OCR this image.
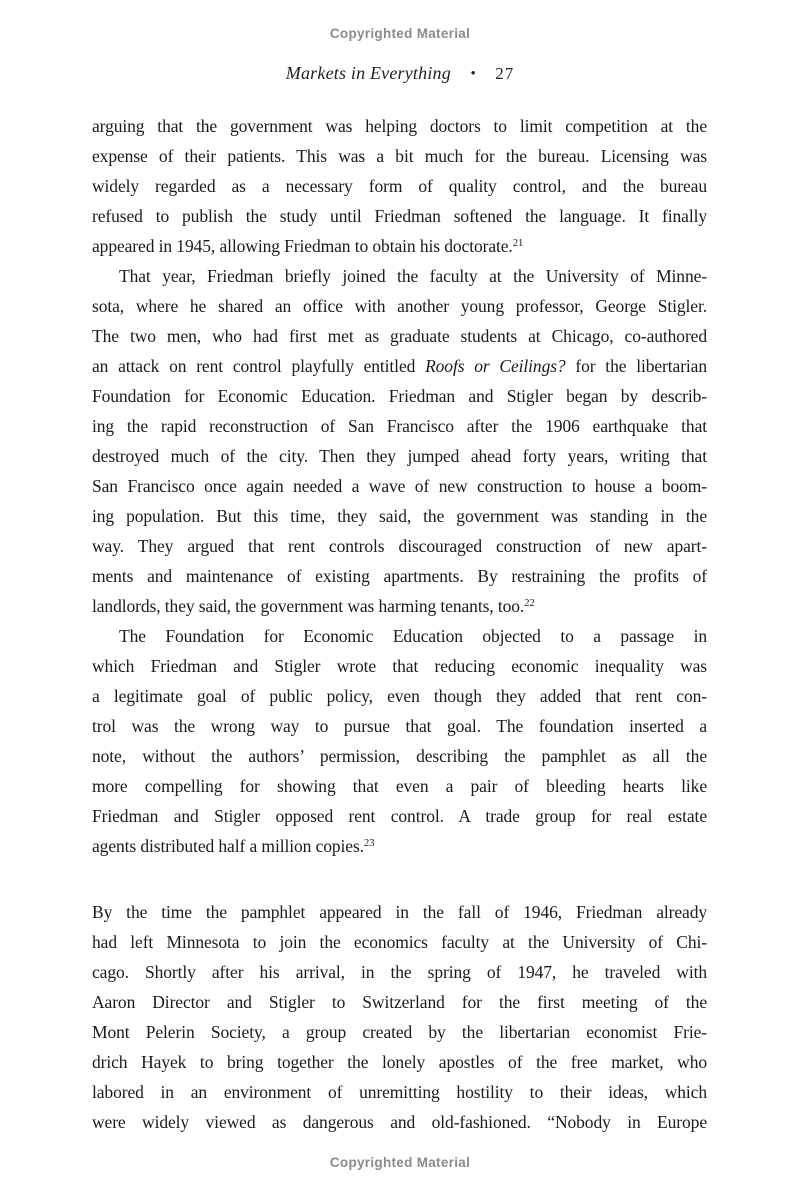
Copyrighted Material
Markets in Everything • 27
arguing that the government was helping doctors to limit competition at the
expense of their patients. This was a bit much for the bureau. Licensing was
widely regarded as a necessary form of quality control, and the bureau
refused to publish the study until Friedman softened the language. It finally
appeared in 1945, allowing Friedman to obtain his doctorate.$^{21}$
That year, Friedman briefly joined the faculty at the University of Minne-
sota, where he shared an office with another young professor, George Stigler.
The two men, who had first met as graduate students at Chicago, co-authored
an attack on rent control playfully entitled Roofs or Ceilings? for the libertarian
Foundation for Economic Education. Friedman and Stigler began by describ-
ing the rapid reconstruction of San Francisco after the 1906 earthquake that
destroyed much of the city. Then they jumped ahead forty years, writing that
San Francisco once again needed a wave of new construction to house a boom-
ing population. But this time, they said, the government was standing in the
way. They argued that rent controls discouraged construction of new apart-
ments and maintenance of existing apartments. By restraining the profits of
landlords, they said, the government was harming tenants, too.$^{22}$
The Foundation for Economic Education objected to a passage in
which Friedman and Stigler wrote that reducing economic inequality was
a legitimate goal of public policy, even though they added that rent con-
trol was the wrong way to pursue that goal. The foundation inserted a
note, without the authors’ permission, describing the pamphlet as all the
more compelling for showing that even a pair of bleeding hearts like
Friedman and Stigler opposed rent control. A trade group for real estate
agents distributed half a million copies.$^{23}$
By the time the pamphlet appeared in the fall of 1946, Friedman already
had left Minnesota to join the economics faculty at the University of Chi-
cago. Shortly after his arrival, in the spring of 1947, he traveled with
Aaron Director and Stigler to Switzerland for the first meeting of the
Mont Pelerin Society, a group created by the libertarian economist Frie-
drich Hayek to bring together the lonely apostles of the free market, who
labored in an environment of unremitting hostility to their ideas, which
were widely viewed as dangerous and old-fashioned. “Nobody in Europe
Copyrighted Material
